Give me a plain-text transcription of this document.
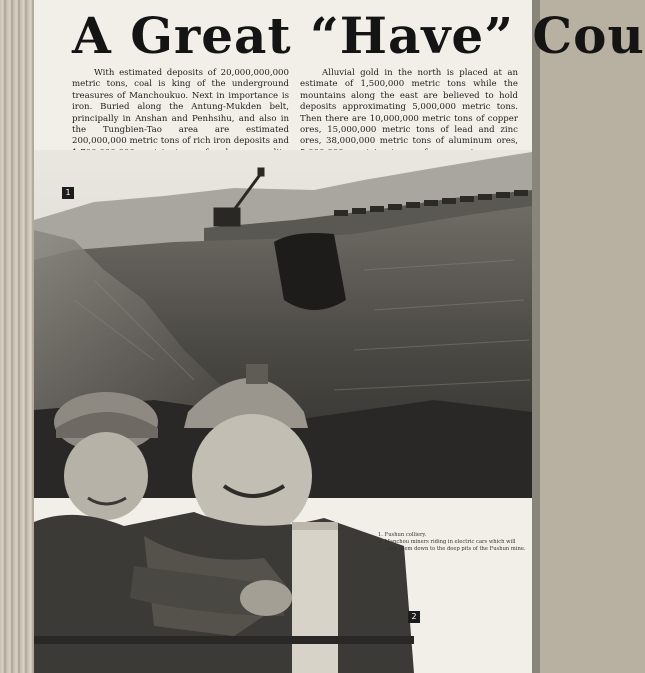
A Great “Have” Cou

With estimated deposits of 20,000,000,000 metric tons, coal is king of the underground treasures of Manchoukuo. Next in importance is iron. Buried along the Antung-Mukden belt, principally in Anshan and Penhsihu, and also in the Tungbien-Tao area are estimated 200,000,000 metric tons of rich iron deposits and

Alluvial gold in the north is placed at an estimate of 1,500,000 metric tons while the mountains along the east are believed to hold deposits approximating 5,000,000 metric tons. Then there are 10,000,000 metric tons of copper ores, 15,000,000 metric tons of lead and zinc ores, 38,000,000 metric tons of aluminum ores,

1
2
1. Fushun colliery.
2. Manchou miners riding in electric cars which will take them down to the deep pits of the Fushun mine.
